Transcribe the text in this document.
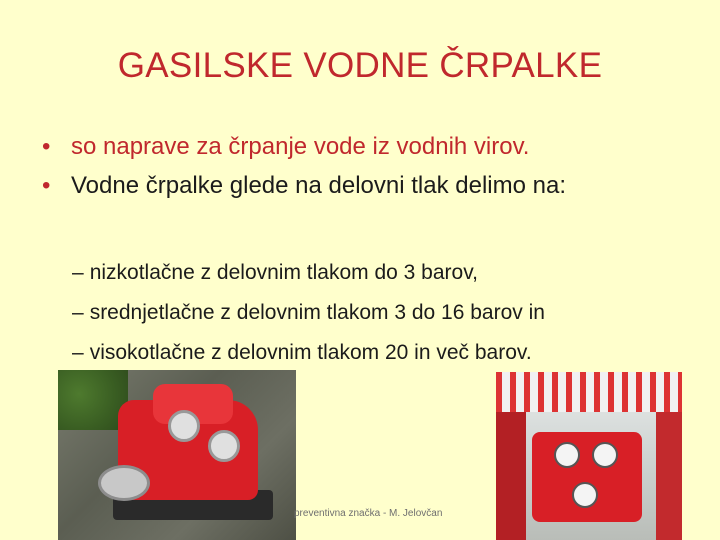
GASILSKE VODNE ČRPALKE
• so naprave za črpanje vode iz vodnih virov.
• Vodne črpalke glede na delovni tlak delimo na:
– nizkotlačne z delovnim tlakom do 3 barov,
– srednjetlačne z delovnim tlakom 3 do 16 barov in
– visokotlačne z delovnim tlakom 20 in več barov.
preventivna značka - M. Jelovčan
